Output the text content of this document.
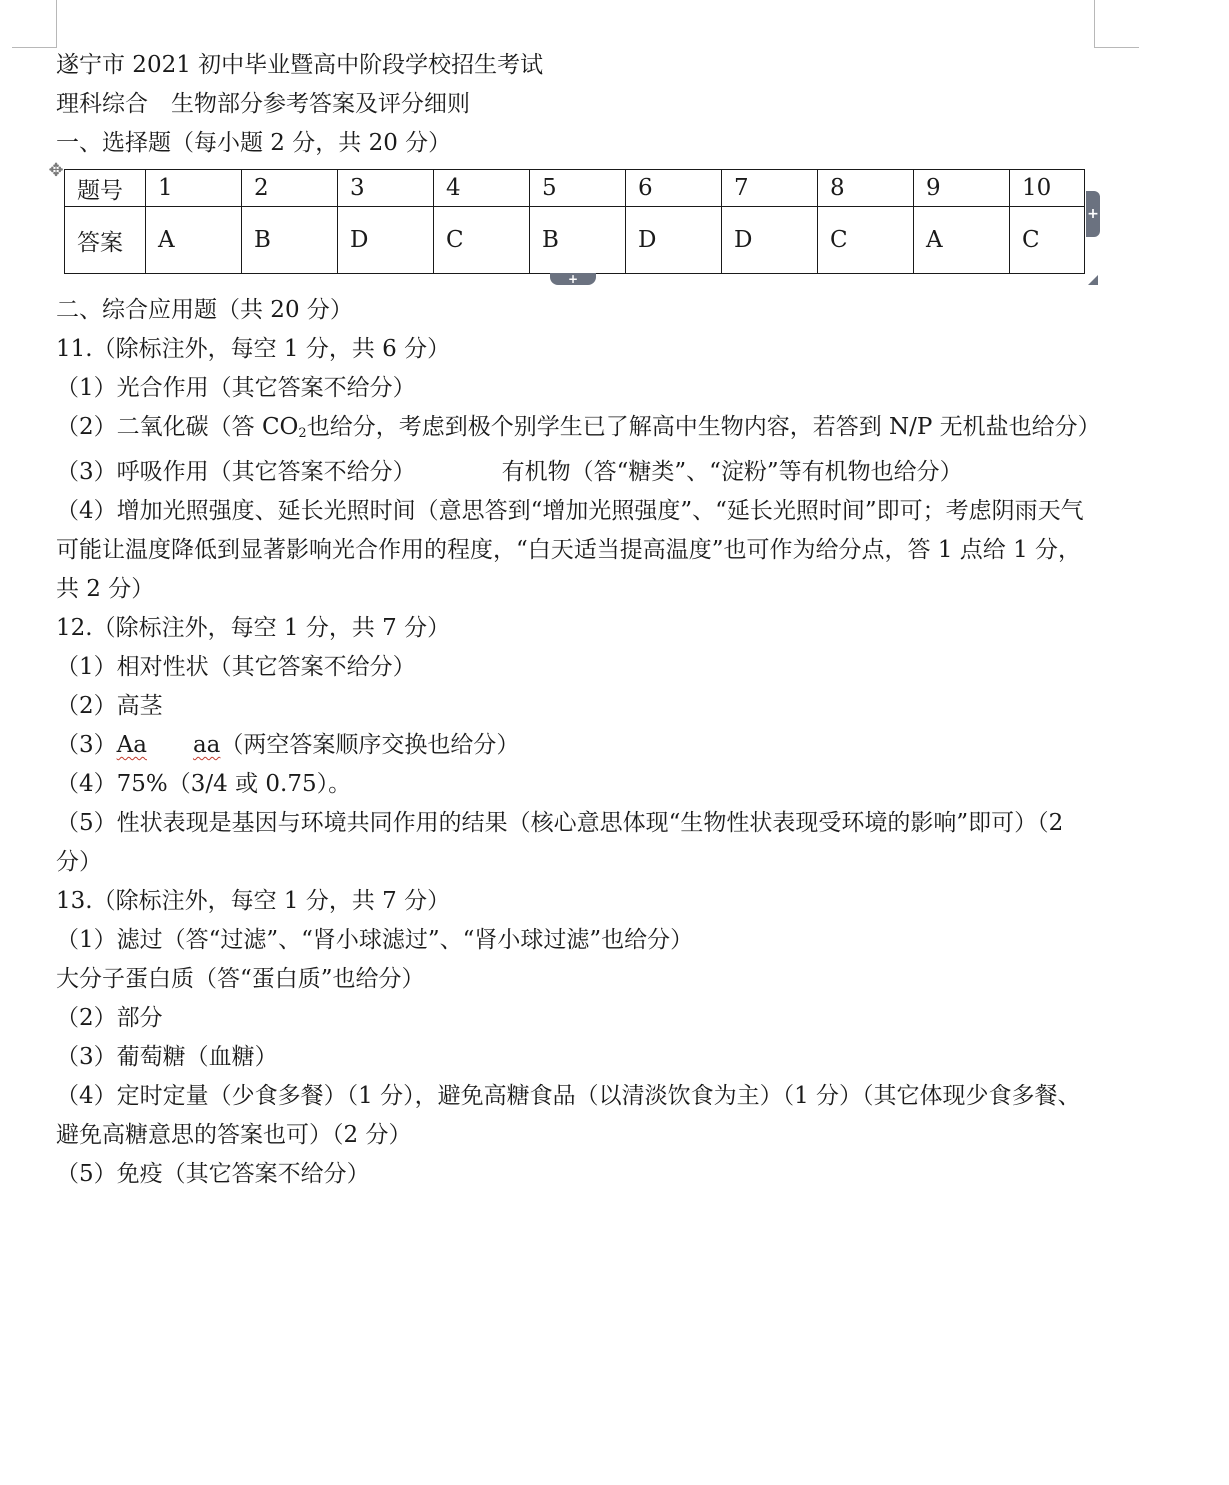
遂宁市 2021 初中毕业暨高中阶段学校招生考试

理科综合　生物部分参考答案及评分细则

一、选择题（每小题 2 分，共 20 分）

✥
题号	1	2	3	4	5	6	7	8	9	10
答案	A	B	D	C	B	D	D	C	A	C
+
+

二、综合应用题（共 20 分）

11.（除标注外，每空 1 分，共 6 分）

（1）光合作用（其它答案不给分）

（2）二氧化碳（答 $CO_2$也给分，考虑到极个别学生已了解高中生物内容，若答到 N/P 无机盐也给分）

（3）呼吸作用（其它答案不给分）	有机物（答“糖类”、“淀粉”等有机物也给分）

（4）增加光照强度、延长光照时间（意思答到“增加光照强度”、“延长光照时间”即可；考虑阴雨天气可能让温度降低到显著影响光合作用的程度，“白天适当提高温度”也可作为给分点，答 1 点给 1 分，共 2 分）

12.（除标注外，每空 1 分，共 7 分）

（1）相对性状（其它答案不给分）

（2）高茎

（3）Aa aa（两空答案顺序交换也给分）

（4）75%（3/4 或 0.75）。

（5）性状表现是基因与环境共同作用的结果（核心意思体现“生物性状表现受环境的影响”即可）（2 分）

13.（除标注外，每空 1 分，共 7 分）

（1）滤过（答“过滤”、“肾小球滤过”、“肾小球过滤”也给分）

大分子蛋白质（答“蛋白质”也给分）

（2）部分

（3）葡萄糖（血糖）

（4）定时定量（少食多餐）（1 分），避免高糖食品（以清淡饮食为主）（1 分）（其它体现少食多餐、避免高糖意思的答案也可）（2 分）

（5）免疫（其它答案不给分）
